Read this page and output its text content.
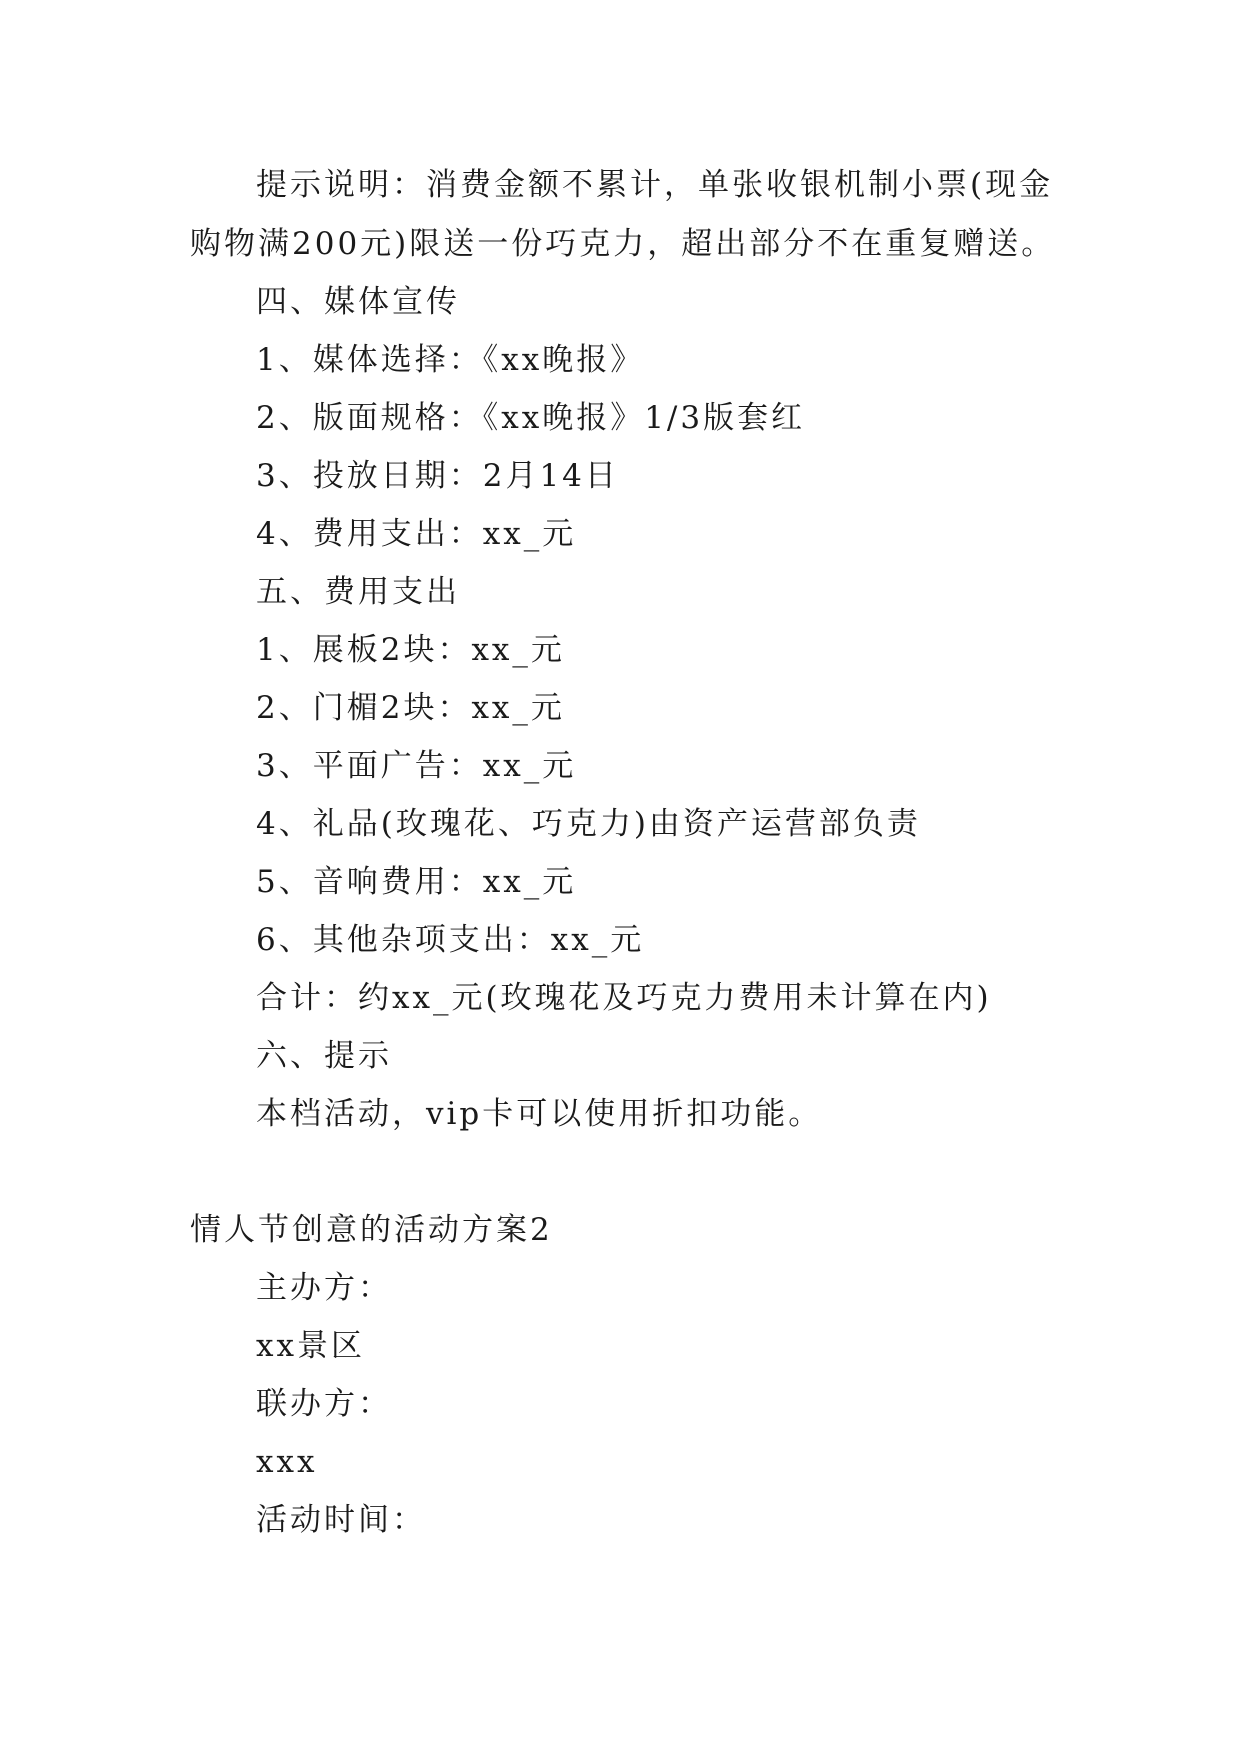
提示说明：消费金额不累计，单张收银机制小票(现金
购物满200元)限送一份巧克力，超出部分不在重复赠送。
四、媒体宣传
1、媒体选择：《xx晚报》
2、版面规格：《xx晚报》1/3版套红
3、投放日期：2月14日
4、费用支出：xx_元
五、费用支出
1、展板2块：xx_元
2、门楣2块：xx_元
3、平面广告：xx_元
4、礼品(玫瑰花、巧克力)由资产运营部负责
5、音响费用：xx_元
6、其他杂项支出：xx_元
合计：约xx_元(玫瑰花及巧克力费用未计算在内)
六、提示
本档活动，vip卡可以使用折扣功能。
情人节创意的活动方案2
主办方：
xx景区
联办方：
xxx
活动时间：
